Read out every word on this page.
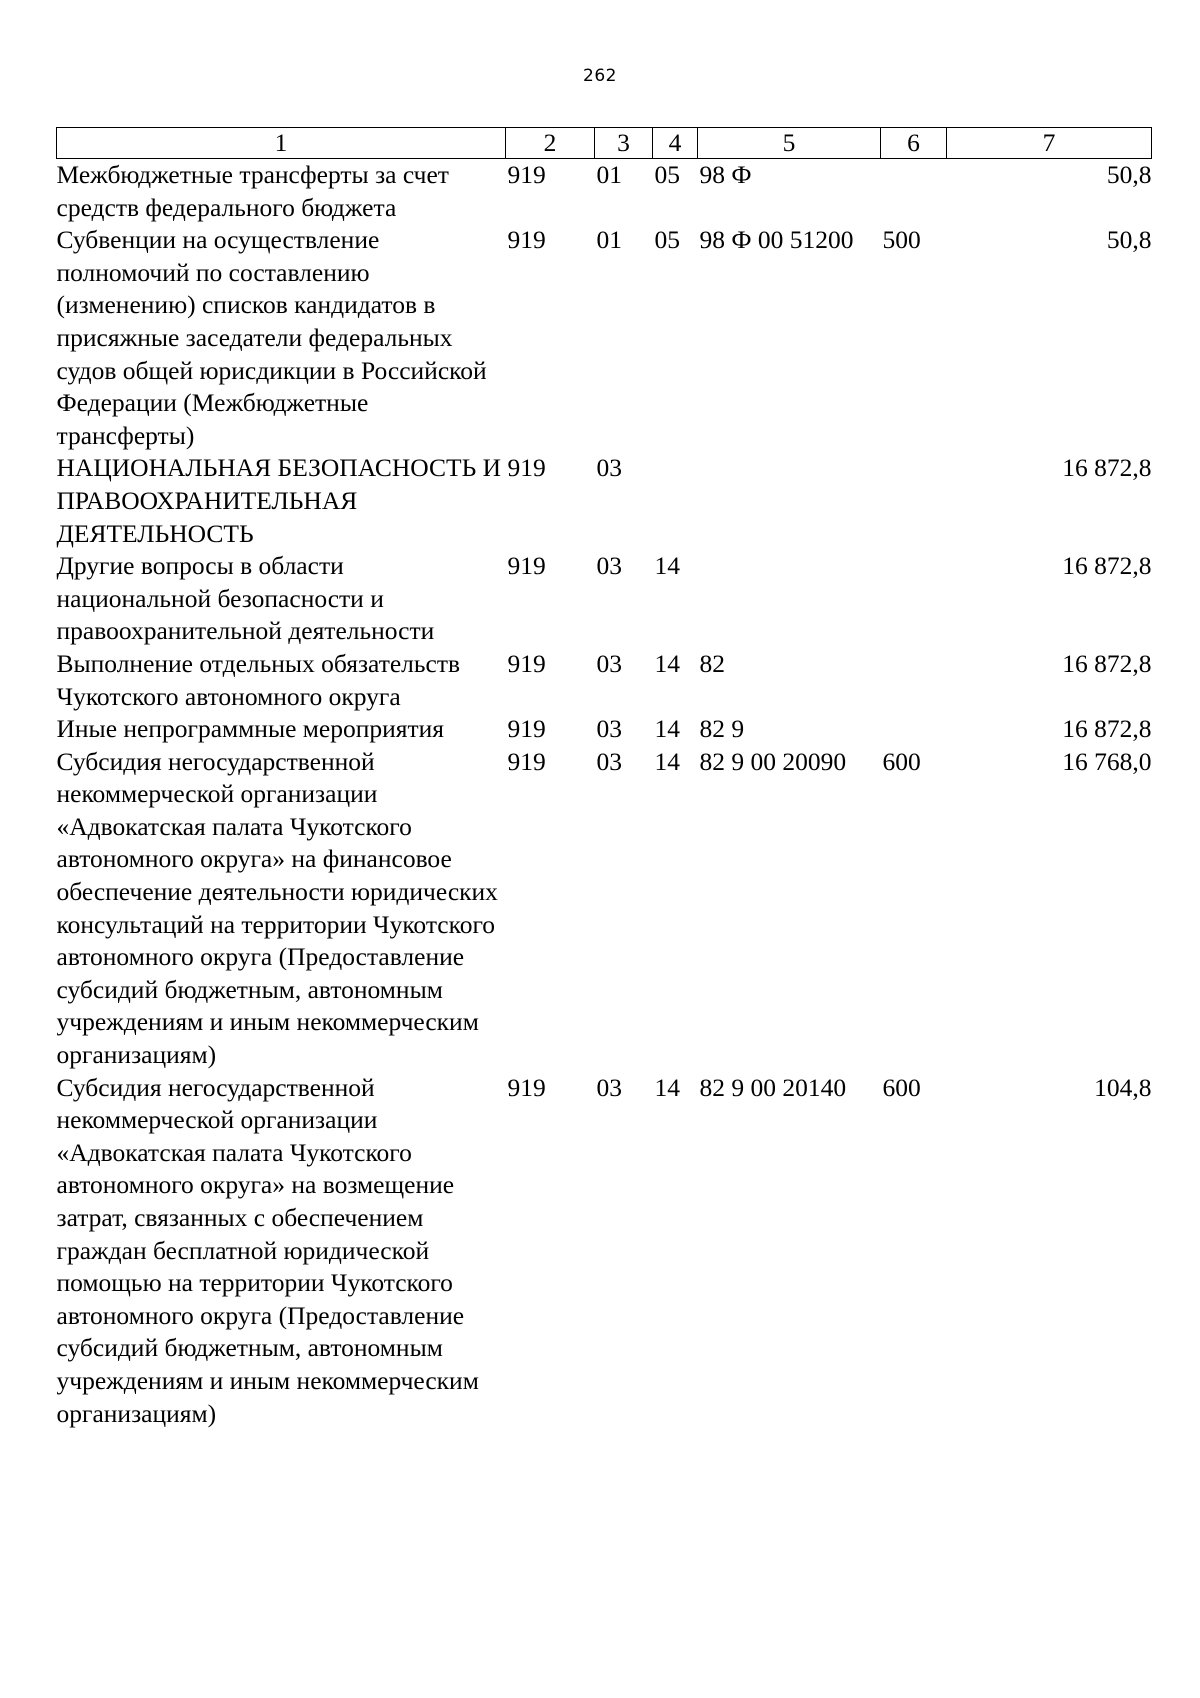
262
1	2	3	4	5	6	7
Межбюджетные трансферты за счет средств федерального бюджета	919	01	05	98 Ф		50,8
Субвенции на осуществление полномочий по составлению (изменению) списков кандидатов в присяжные заседатели федеральных судов общей юрисдикции в Российской Федерации (Межбюджетные трансферты)	919	01	05	98 Ф 00 51200	500	50,8
НАЦИОНАЛЬНАЯ БЕЗОПАСНОСТЬ И ПРАВООХРАНИТЕЛЬНАЯ ДЕЯТЕЛЬНОСТЬ	919	03				16 872,8
Другие вопросы в области национальной безопасности и правоохранительной деятельности	919	03	14			16 872,8
Выполнение отдельных обязательств Чукотского автономного округа	919	03	14	82		16 872,8
Иные непрограммные мероприятия	919	03	14	82 9		16 872,8
Субсидия негосударственной некоммерческой организации «Адвокатская палата Чукотского автономного округа» на финансовое обеспечение деятельности юридических консультаций на территории Чукотского автономного округа (Предоставление субсидий бюджетным, автономным учреждениям и иным некоммерческим организациям)	919	03	14	82 9 00 20090	600	16 768,0
Субсидия негосударственной некоммерческой организации «Адвокатская палата Чукотского автономного округа» на возмещение затрат, связанных с обеспечением граждан бесплатной юридической помощью на территории Чукотского автономного округа (Предоставление субсидий бюджетным, автономным учреждениям и иным некоммерческим организациям)	919	03	14	82 9 00 20140	600	104,8
